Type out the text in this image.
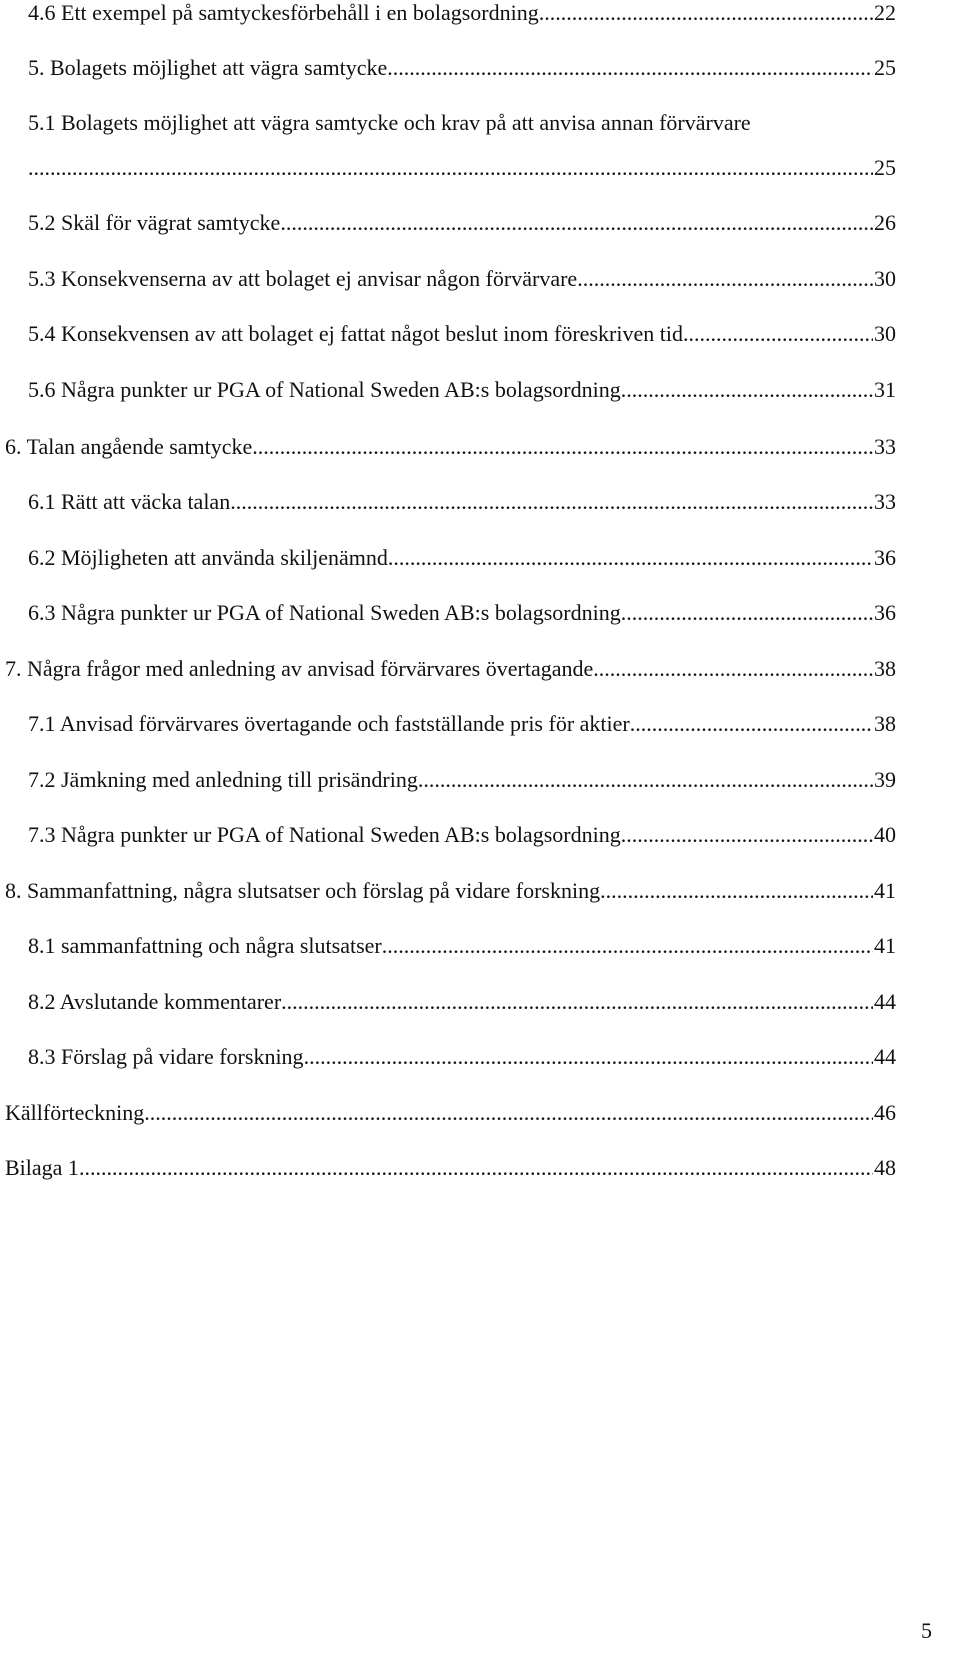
4.6 Ett exempel på samtyckesförbehåll i en bolagsordning .....	22
5. Bolagets möjlighet att vägra samtycke .....	25
5.1 Bolagets möjlighet att vägra samtycke och krav på att anvisa annan förvärvare
.....
25
5.2 Skäl för vägrat samtycke .....	26
5.3 Konsekvenserna av att bolaget ej anvisar någon förvärvare .....	30
5.4 Konsekvensen av att bolaget ej fattat något beslut inom föreskriven tid .....	30
5.6 Några punkter ur PGA of National Sweden AB:s bolagsordning .....	31
6. Talan angående samtycke .....	33
6.1 Rätt att väcka talan .....	33
6.2 Möjligheten att använda skiljenämnd .....	36
6.3 Några punkter ur PGA of National Sweden AB:s bolagsordning .....	36
7. Några frågor med anledning av anvisad förvärvares övertagande .....	38
7.1 Anvisad förvärvares övertagande och fastställande pris för aktier .....	38
7.2 Jämkning med anledning till prisändring .....	39
7.3 Några punkter ur PGA of National Sweden AB:s bolagsordning .....	40
8. Sammanfattning, några slutsatser och förslag på vidare forskning .....	41
8.1 sammanfattning och några slutsatser .....	41
8.2 Avslutande kommentarer .....	44
8.3 Förslag på vidare forskning .....	44
Källförteckning .....	46
Bilaga 1 .....	48
5
